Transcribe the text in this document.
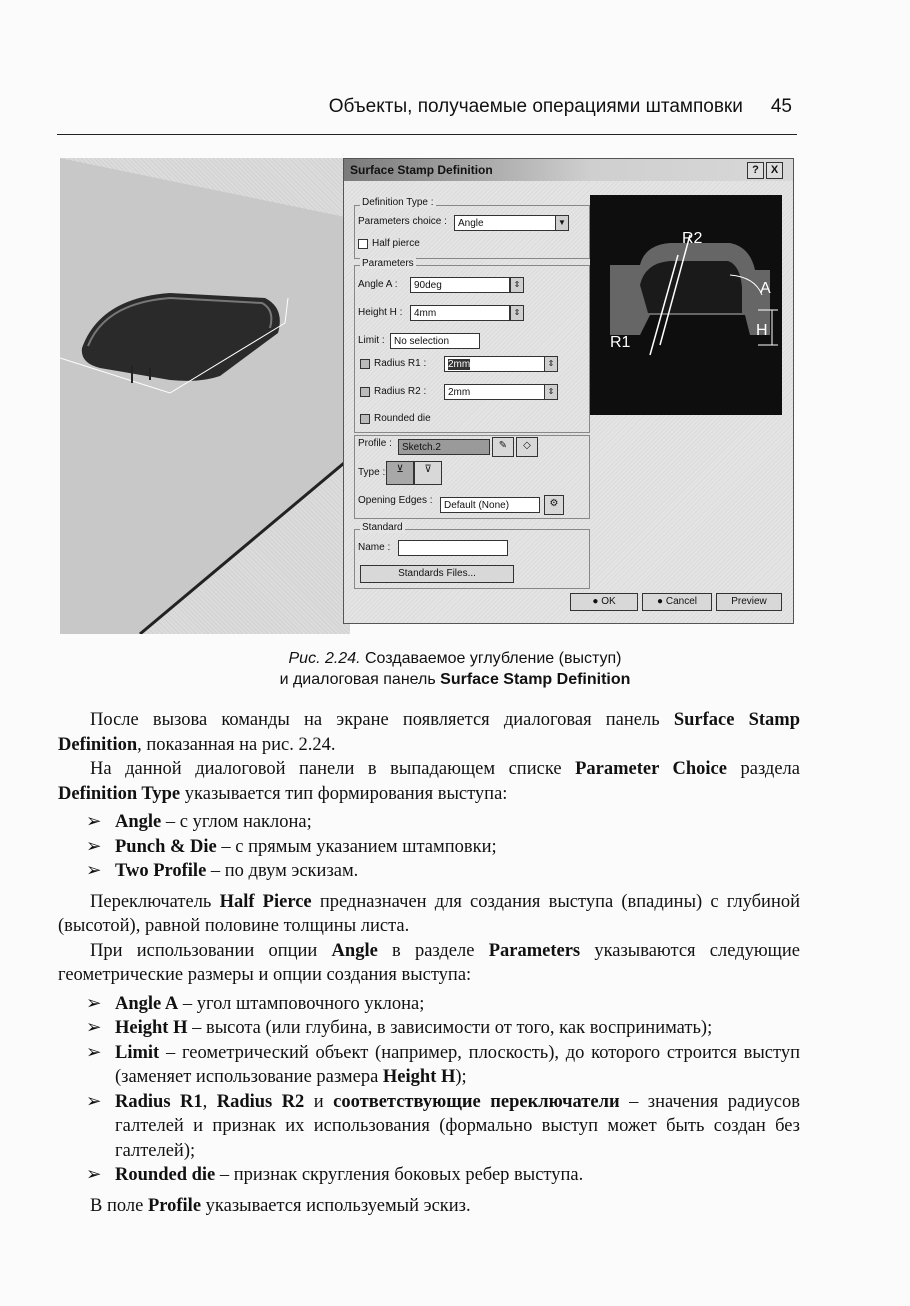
Объекты, получаемые операциями штамповки 45
Surface Stamp Definition	?	X
Definition Type :
Parameters choice :	Angle	▼
Half pierce
Parameters
Angle A :	90deg	⇕
Height H :	4mm	⇕
Limit : No selection
Radius R1 :	2mm	⇕
Radius R2 :	2mm	⇕
Rounded die
Profile :	Sketch.2	✎	◇
Type :	⊻	⊽
Opening Edges :	Default (None)	⚙
Standard
Name :
Standards Files...
● OK	● Cancel	Preview
R2
R1
A
H
Рис. 2.24. Создаваемое углубление (выступ)
и диалоговая панель Surface Stamp Definition

После вызова команды на экране появляется диалоговая панель Surface Stamp Definition, показанная на рис. 2.24.

На данной диалоговой панели в выпадающем списке Parameter Choice раздела Definition Type указывается тип формирования выступа:

➢ Angle – с углом наклона;

➢ Punch & Die – с прямым указанием штамповки;

➢ Two Profile – по двум эскизам.

Переключатель Half Pierce предназначен для создания выступа (впадины) с глубиной (высотой), равной половине толщины листа.

При использовании опции Angle в разделе Parameters указываются следующие геометрические размеры и опции создания выступа:

➢ Angle A – угол штамповочного уклона;

➢ Height H – высота (или глубина, в зависимости от того, как воспринимать);

➢ Limit – геометрический объект (например, плоскость), до которого строится выступ (заменяет использование размера Height H);

➢ Radius R1, Radius R2 и соответствующие переключатели – значения радиусов галтелей и признак их использования (формально выступ может быть создан без галтелей);

➢ Rounded die – признак скругления боковых ребер выступа.

В поле Profile указывается используемый эскиз.
